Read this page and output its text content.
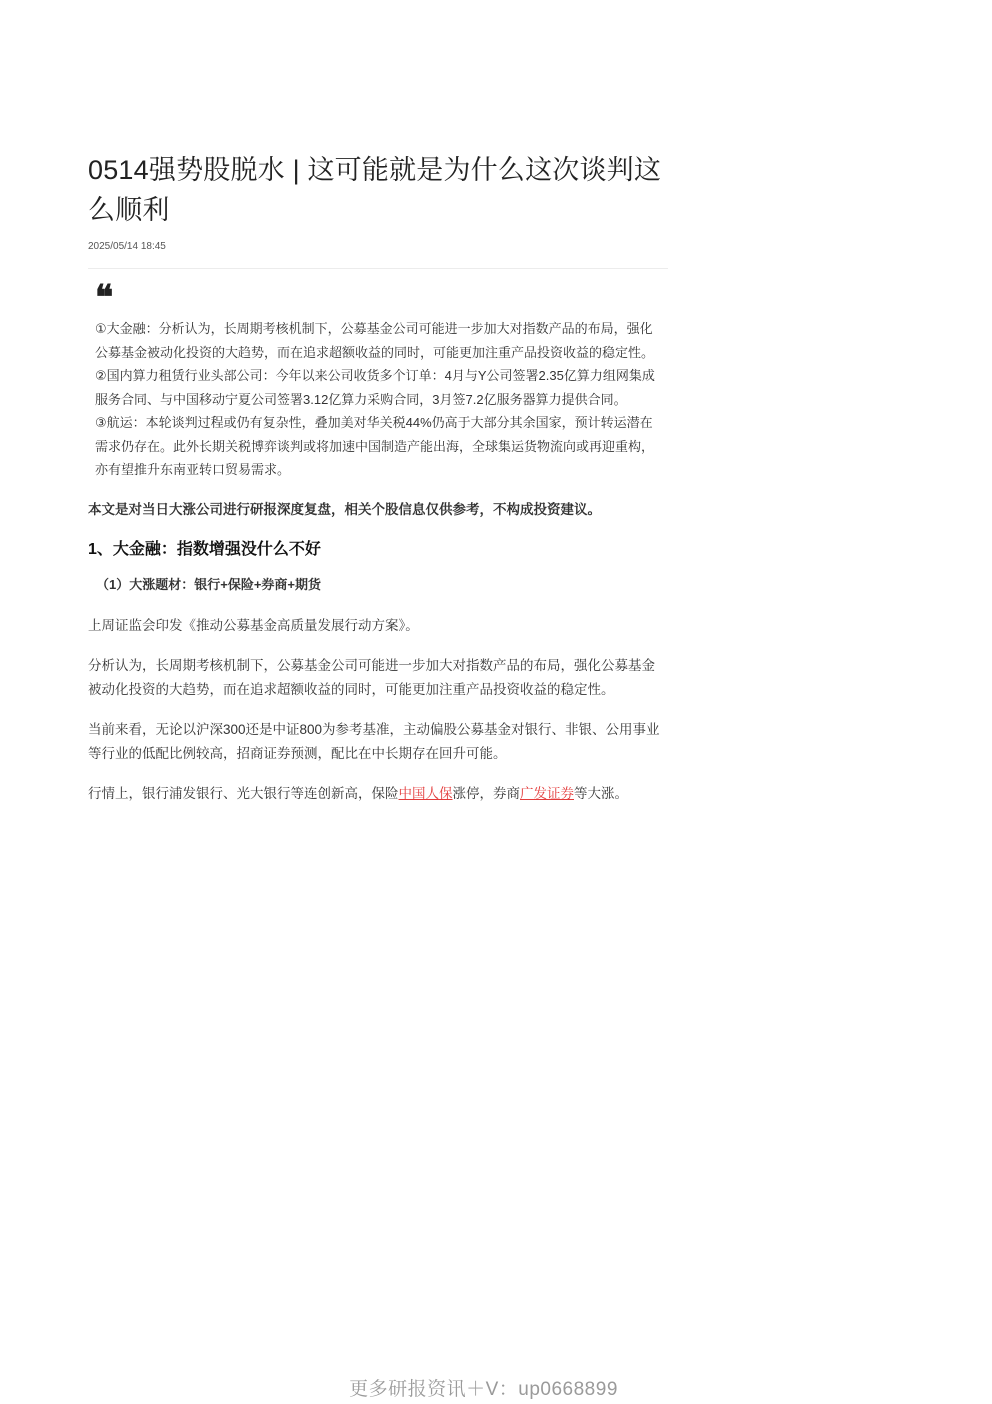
0514强势股脱水 | 这可能就是为什么这次谈判这么顺利
2025/05/14 18:45
❝

①大金融：分析认为，长周期考核机制下，公募基金公司可能进一步加大对指数产品的布局，强化公募基金被动化投资的大趋势，而在追求超额收益的同时，可能更加注重产品投资收益的稳定性。

②国内算力租赁行业头部公司：今年以来公司收货多个订单：4月与Y公司签署2.35亿算力组网集成服务合同、与中国移动宁夏公司签署3.12亿算力采购合同，3月签7.2亿服务器算力提供合同。

③航运：本轮谈判过程或仍有复杂性，叠加美对华关税44%仍高于大部分其余国家，预计转运潜在需求仍存在。此外长期关税博弈谈判或将加速中国制造产能出海，全球集运货物流向或再迎重构，亦有望推升东南亚转口贸易需求。

本文是对当日大涨公司进行研报深度复盘，相关个股信息仅供参考，不构成投资建议。
1、大金融：指数增强没什么不好
（1）大涨题材：银行+保险+券商+期货
上周证监会印发《推动公募基金高质量发展行动方案》。
分析认为，长周期考核机制下，公募基金公司可能进一步加大对指数产品的布局，强化公募基金被动化投资的大趋势，而在追求超额收益的同时，可能更加注重产品投资收益的稳定性。
当前来看，无论以沪深300还是中证800为参考基准，主动偏股公募基金对银行、非银、公用事业等行业的低配比例较高，招商证券预测，配比在中长期存在回升可能。
行情上，银行浦发银行、光大银行等连创新高，保险中国人保涨停，券商广发证券等大涨。
更多研报资讯＋V：up0668899
